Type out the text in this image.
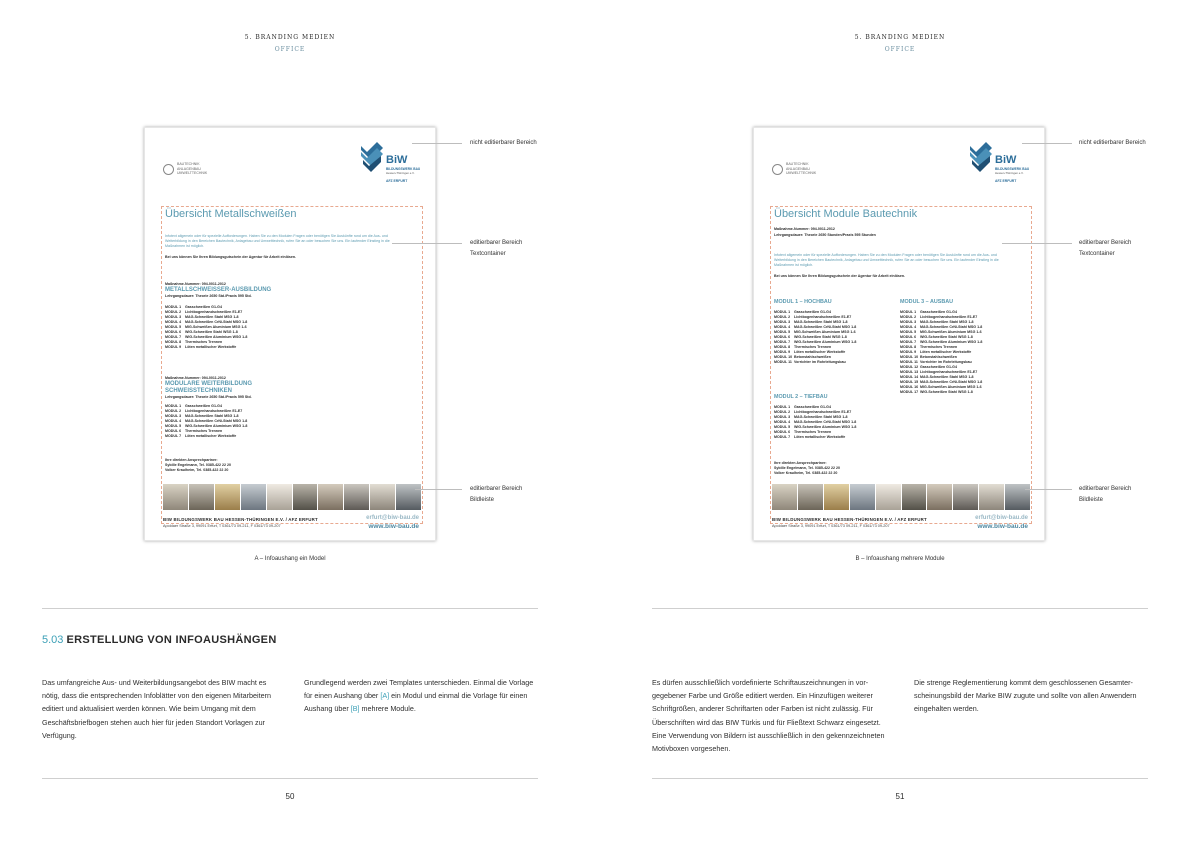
5. BRANDING MEDIEN
OFFICE
BAUTECHNIK
ANLAGENBAU
UMWELTTECHNIK
BiW
BILDUNGSWERK BAU
Hessen-Thüringen e.V.
AFZ ERFURT
Übersicht Metallschweißen
Infotext allgemein oder für spezielle Aufforderungen. Haben Sie zu den Modulen Fragen oder benötigen Sie Auskünfte rund um die Aus- und Weiterbildung in den Bereichen Bautechnik, Anlagebau und Umwelttechnik, rufen Sie an oder besuchen Sie uns. Ein laufender Einstieg in die Maßnahmen ist möglich.
Bei uns können Sie Ihren Bildungsgutschein der Agentur für Arbeit einlösen.
Maßnahme-Nummer: 094-0011-2012
METALLSCHWEISSER-AUSBILDUNG
Lehrgangsdauer: Theorie 2650 Std./Praxis 595 Std.
MODUL 1	Gasschweißen G1-G4
MODUL 2	Lichtbogenhandschweißen E1-E7
MODUL 3	MAG-Schweißen Stahl MSG 1-8
MODUL 4	MAG-Schweißen CrNi-Stahl MSG 1-8
MODUL 5	MIG-Schweißen Aluminium MSG 1-6
MODUL 6	WIG-Schweißen Stahl WSG 1-8
MODUL 7	WIG-Schweißen Aluminium WSG 1-8
MODUL 8	Thermisches Trennen
MODUL 9	Löten metallischer Werkstoffe
Maßnahme-Nummer: 094-0011-2012
MODULARE WEITERBILDUNG
SCHWEISSTECHNIKEN
Lehrgangsdauer: Theorie 2650 Std./Praxis 595 Std.
MODUL 1	Gasschweißen G1-G4
MODUL 2	Lichtbogenhandschweißen E1-E7
MODUL 3	MAG-Schweißen Stahl MSG 1-8
MODUL 4	MAG-Schweißen CrNi-Stahl MSG 1-8
MODUL 5	WIG-Schweißen Aluminium WSG 1-8
MODUL 6	Thermisches Trennen
MODUL 7	Löten metallischer Werkstoffe
Ihre direkten Ansprechpartner:
Sybille Engelmann, Tel. 0385-422 22 20
Volker Kraulheim, Tel. 0385-422 22 20
BIW BILDUNGSWERK BAU HESSEN-THÜRINGEN E.V. / AFZ ERFURT
Apoldaer Straße 3, 99091 Erfurt, T 0361/73 09-211, F 0361/73 09-207
erfurt@biw-bau.de
www.biw-bau.de
nicht editierbarer Bereich
editierbarer Bereich
Textcontainer
editierbarer Bereich
Bildleiste
A – Infoaushang ein Model
5.03 ERSTELLUNG VON INFOAUSHÄNGEN
Das umfangreiche Aus- und Weiterbildungsangebot des BIW macht es
nötig, dass die entsprechenden Infoblätter von den eigenen Mitarbeitern
editiert und aktualisiert werden können. Wie beim Umgang mit dem
Geschäftsbriefbogen stehen auch hier für jeden Standort Vorlagen zur
Verfügung.
Grundlegend werden zwei Templates unterschieden. Einmal die Vorlage
für einen Aushang über [A] ein Modul und einmal die Vorlage für einen
Aushang über [B] mehrere Module.
50
5. BRANDING MEDIEN
OFFICE
BAUTECHNIK
ANLAGENBAU
UMWELTTECHNIK
BiW
BILDUNGSWERK BAU
Hessen-Thüringen e.V.
AFZ ERFURT
Übersicht Module Bautechnik
Maßnahme-Nummer: 094-0011-2012
Lehrgangsdauer: Theorie 2650 Stunden/Praxis 595 Stunden
Infotext allgemein oder für spezielle Aufforderungen. Haben Sie zu den Modulen Fragen oder benötigen Sie Auskünfte rund um die Aus- und Weiterbildung in den Bereichen Bautechnik, Anlagebau und Umwelttechnik, rufen Sie an oder besuchen Sie uns. Ein laufender Einstieg in die Maßnahmen ist möglich.
Bei uns können Sie Ihren Bildungsgutschein der Agentur für Arbeit einlösen.
MODUL 1 – HOCHBAU
MODUL 1	Gasschweißen G1-G4
MODUL 2	Lichtbogenhandschweißen E1-E7
MODUL 3	MAG-Schweißen Stahl MSG 1-8
MODUL 4	MAG-Schweißen CrNi-Stahl MSG 1-8
MODUL 5	MIG-Schweißen Aluminium MSG 1-6
MODUL 6	WIG-Schweißen Stahl WSG 1-8
MODUL 7	WIG-Schweißen Aluminium WSG 1-8
MODUL 8	Thermisches Trennen
MODUL 9	Löten metallischer Werkstoffe
MODUL 10 Betonstahlschweißen
MODUL 11 Vorrichter im Rohrleitungsbau
MODUL 2 – TIEFBAU
MODUL 1	Gasschweißen G1-G4
MODUL 2	Lichtbogenhandschweißen E1-E7
MODUL 3	MAG-Schweißen Stahl MSG 1-8
MODUL 4	MAG-Schweißen CrNi-Stahl MSG 1-8
MODUL 5	WIG-Schweißen Aluminium WSG 1-8
MODUL 6	Thermisches Trennen
MODUL 7	Löten metallischer Werkstoffe
MODUL 3 – AUSBAU
MODUL 1	Gasschweißen G1-G4
MODUL 2	Lichtbogenhandschweißen E1-E7
MODUL 3	MAG-Schweißen Stahl MSG 1-8
MODUL 4	MAG-Schweißen CrNi-Stahl MSG 1-8
MODUL 5	MIG-Schweißen Aluminium MSG 1-6
MODUL 6	WIG-Schweißen Stahl WSG 1-8
MODUL 7	WIG-Schweißen Aluminium WSG 1-8
MODUL 8	Thermisches Trennen
MODUL 9	Löten metallischer Werkstoffe
MODUL 10 Betonstahlschweißen
MODUL 11 Vorrichter im Rohrleitungsbau
MODUL 12 Gasschweißen G1-G4
MODUL 13 Lichtbogenhandschweißen E1-E7
MODUL 14 MAG-Schweißen Stahl MSG 1-8
MODUL 15 MAG-Schweißen CrNi-Stahl MSG 1-8
MODUL 16 MIG-Schweißen Aluminium MSG 1-6
MODUL 17 WIG-Schweißen Stahl WSG 1-8
Ihre direkten Ansprechpartner:
Sybille Engelmann, Tel. 0385-422 22 20
Volker Kraulheim, Tel. 0385-422 22 20
BIW BILDUNGSWERK BAU HESSEN-THÜRINGEN E.V. / AFZ ERFURT
Apoldaer Straße 3, 99091 Erfurt, T 0361/73 09-211, F 0361/73 09-207
erfurt@biw-bau.de
www.biw-bau.de
nicht editierbarer Bereich
editierbarer Bereich
Textcontainer
editierbarer Bereich
Bildleiste
B – Infoaushang mehrere Module
Es dürfen ausschließlich vordefinierte Schriftauszeichnungen in vor-
gegebener Farbe und Größe editiert werden. Ein Hinzufügen weiterer
Schriftgrößen, anderer Schriftarten oder Farben ist nicht zulässig. Für
Überschriften wird das BIW Türkis und für Fließtext Schwarz eingesetzt.
Eine Verwendung von Bildern ist ausschließlich in den gekennzeichneten
Motivboxen vorgesehen.
Die strenge Reglementierung kommt dem geschlossenen Gesamter-
scheinungsbild der Marke BIW zugute und sollte von allen Anwendern
eingehalten werden.
51
